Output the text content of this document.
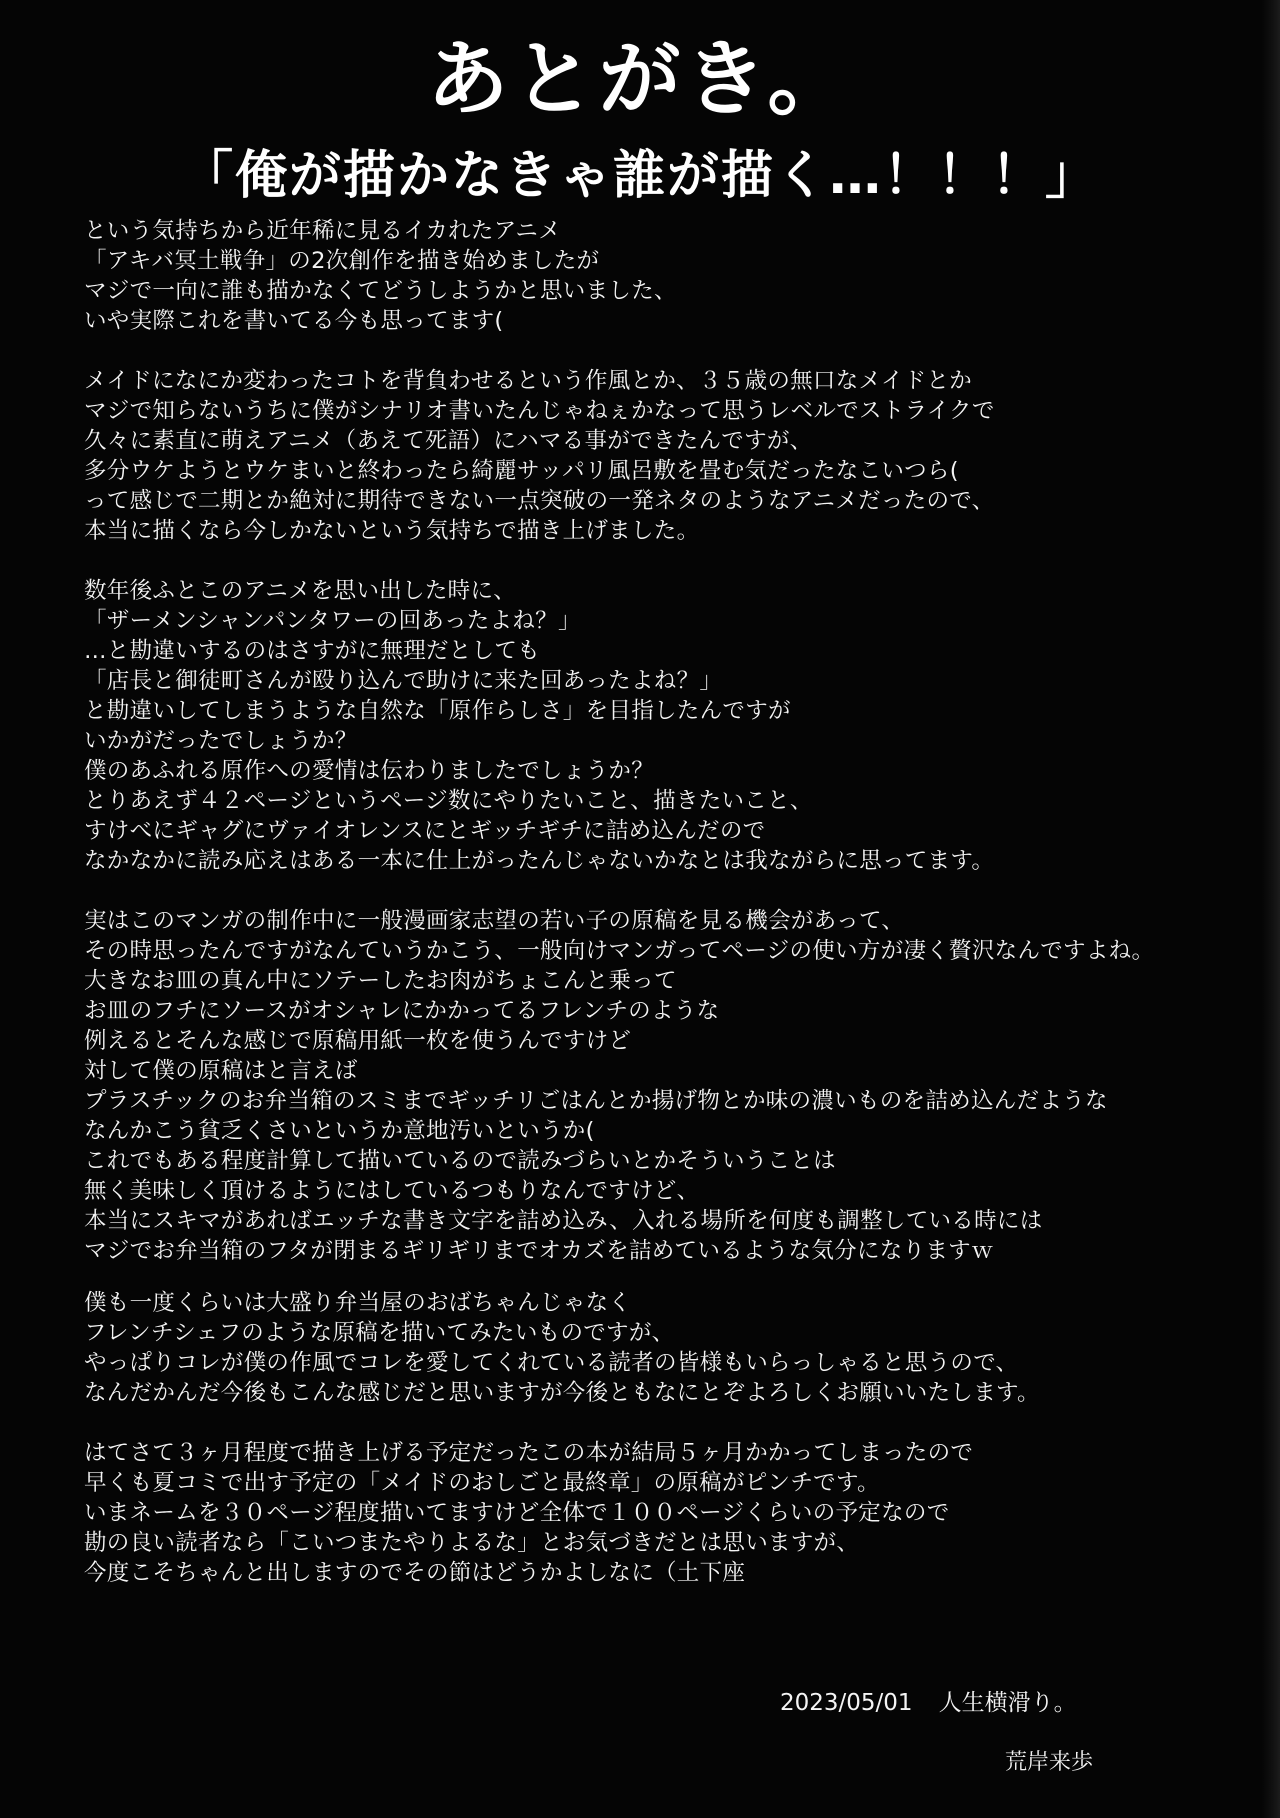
あとがき。
「俺が描かなきゃ誰が描く…！！！」
という気持ちから近年稀に見るイカれたアニメ
「アキバ冥土戦争」の2次創作を描き始めましたが
マジで一向に誰も描かなくてどうしようかと思いました、
いや実際これを書いてる今も思ってます(
メイドになにか変わったコトを背負わせるという作風とか、３５歳の無口なメイドとか
マジで知らないうちに僕がシナリオ書いたんじゃねぇかなって思うレベルでストライクで
久々に素直に萌えアニメ（あえて死語）にハマる事ができたんですが、
多分ウケようとウケまいと終わったら綺麗サッパリ風呂敷を畳む気だったなこいつら(
って感じで二期とか絶対に期待できない一点突破の一発ネタのようなアニメだったので、
本当に描くなら今しかないという気持ちで描き上げました。
数年後ふとこのアニメを思い出した時に、
「ザーメンシャンパンタワーの回あったよね？」
…と勘違いするのはさすがに無理だとしても
「店長と御徒町さんが殴り込んで助けに来た回あったよね？」
と勘違いしてしまうような自然な「原作らしさ」を目指したんですが
いかがだったでしょうか？
僕のあふれる原作への愛情は伝わりましたでしょうか？
とりあえず４２ページというページ数にやりたいこと、描きたいこと、
すけべにギャグにヴァイオレンスにとギッチギチに詰め込んだので
なかなかに読み応えはある一本に仕上がったんじゃないかなとは我ながらに思ってます。
実はこのマンガの制作中に一般漫画家志望の若い子の原稿を見る機会があって、
その時思ったんですがなんていうかこう、一般向けマンガってページの使い方が凄く贅沢なんですよね。
大きなお皿の真ん中にソテーしたお肉がちょこんと乗って
お皿のフチにソースがオシャレにかかってるフレンチのような
例えるとそんな感じで原稿用紙一枚を使うんですけど
対して僕の原稿はと言えば
プラスチックのお弁当箱のスミまでギッチリごはんとか揚げ物とか味の濃いものを詰め込んだような
なんかこう貧乏くさいというか意地汚いというか(
これでもある程度計算して描いているので読みづらいとかそういうことは
無く美味しく頂けるようにはしているつもりなんですけど、
本当にスキマがあればエッチな書き文字を詰め込み、入れる場所を何度も調整している時には
マジでお弁当箱のフタが閉まるギリギリまでオカズを詰めているような気分になりますｗ
僕も一度くらいは大盛り弁当屋のおばちゃんじゃなく
フレンチシェフのような原稿を描いてみたいものですが、
やっぱりコレが僕の作風でコレを愛してくれている読者の皆様もいらっしゃると思うので、
なんだかんだ今後もこんな感じだと思いますが今後ともなにとぞよろしくお願いいたします。
はてさて３ヶ月程度で描き上げる予定だったこの本が結局５ヶ月かかってしまったので
早くも夏コミで出す予定の「メイドのおしごと最終章」の原稿がピンチです。
いまネームを３０ページ程度描いてますけど全体で１００ページくらいの予定なので
勘の良い読者なら「こいつまたやりよるな」とお気づきだとは思いますが、
今度こそちゃんと出しますのでその節はどうかよしなに（土下座
2023/05/01 人生横滑り。
荒岸来歩
